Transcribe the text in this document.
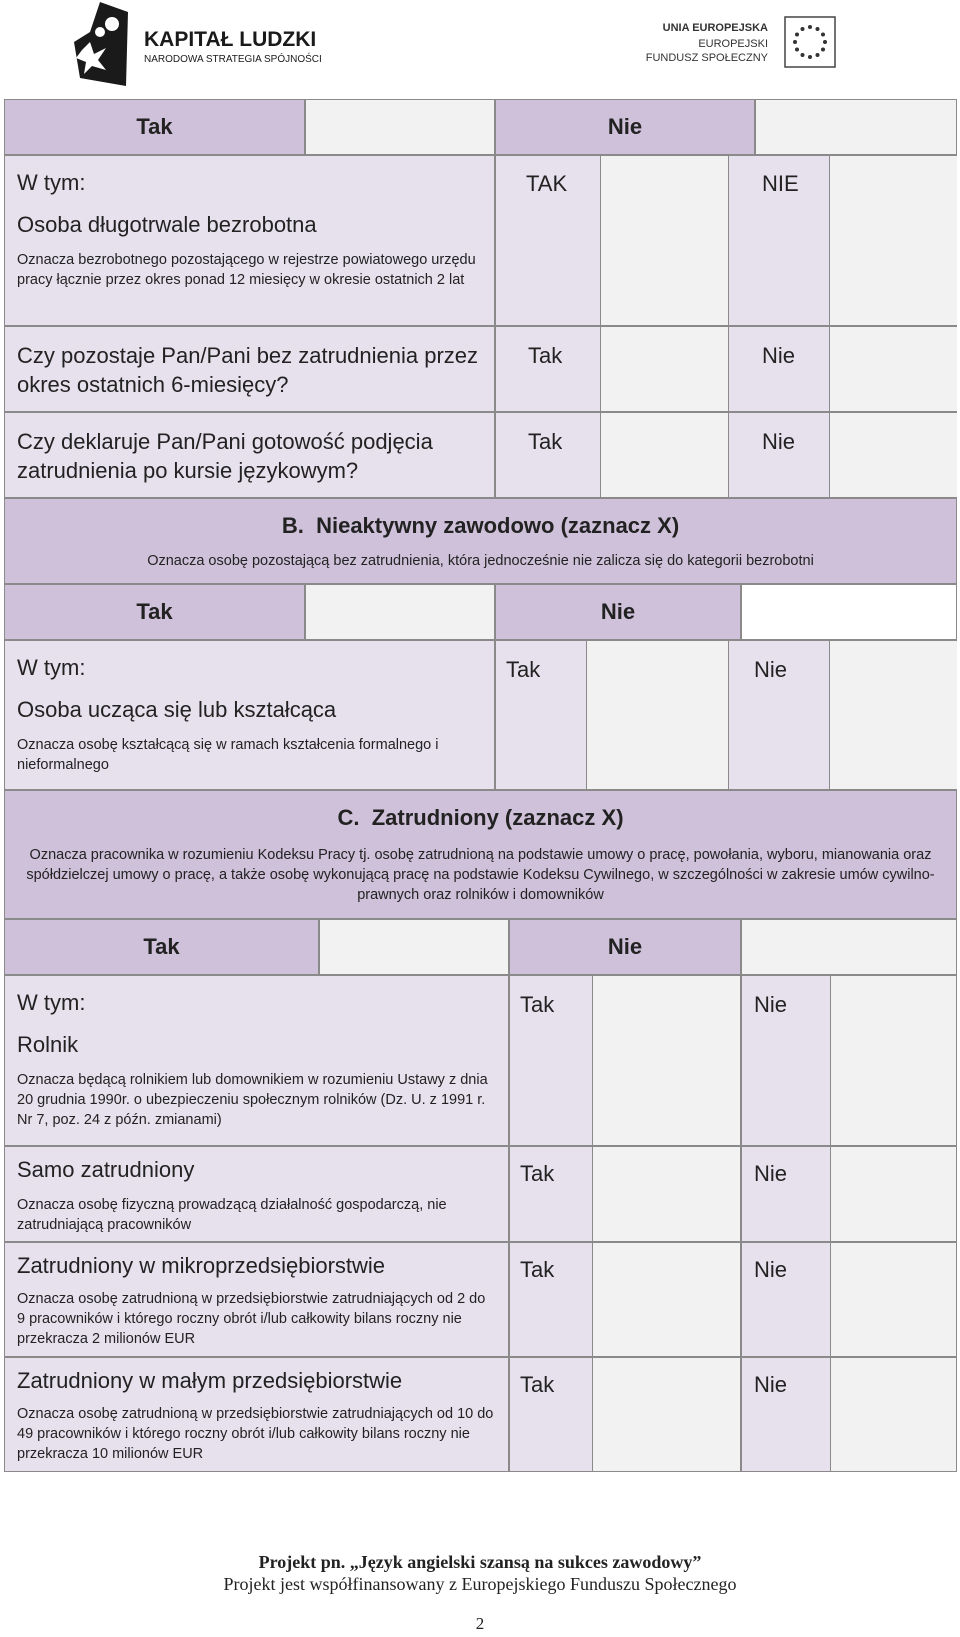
KAPITAŁ LUDZKI
NARODOWA STRATEGIA SPÓJNOŚCI
UNIA EUROPEJSKA
EUROPEJSKI
FUNDUSZ SPOŁECZNY
Tak	Nie
W tym:
Osoba długotrwale bezrobotna
Oznacza bezrobotnego pozostającego w rejestrze powiatowego urzędu pracy łącznie przez okres ponad 12 miesięcy w okresie ostatnich 2 lat
TAK	NIE
Czy pozostaje Pan/Pani bez zatrudnienia przez okres ostatnich 6-miesięcy?
Tak	Nie
Czy deklaruje Pan/Pani gotowość podjęcia zatrudnienia po kursie językowym?
Tak	Nie
B. Nieaktywny zawodowo (zaznacz X)
Oznacza osobę pozostającą bez zatrudnienia, która jednocześnie nie zalicza się do kategorii bezrobotni
Tak	Nie
W tym:
Osoba ucząca się lub kształcąca
Oznacza osobę kształcącą się w ramach kształcenia formalnego i nieformalnego
Tak	Nie
C. Zatrudniony (zaznacz X)
Oznacza pracownika w rozumieniu Kodeksu Pracy tj. osobę zatrudnioną na podstawie umowy o pracę, powołania, wyboru, mianowania oraz spółdzielczej umowy o pracę, a także osobę wykonującą pracę na podstawie Kodeksu Cywilnego, w szczególności w zakresie umów cywilno-prawnych oraz rolników i domowników
Tak	Nie
W tym:
Rolnik
Oznacza będącą rolnikiem lub domownikiem w rozumieniu Ustawy z dnia 20 grudnia 1990r. o ubezpieczeniu społecznym rolników (Dz. U. z 1991 r. Nr 7, poz. 24 z późn. zmianami)
Tak	Nie
Samo zatrudniony
Oznacza osobę fizyczną prowadzącą działalność gospodarczą, nie zatrudniającą pracowników
Tak	Nie
Zatrudniony w mikroprzedsiębiorstwie
Oznacza osobę zatrudnioną w przedsiębiorstwie zatrudniających od 2 do 9 pracowników i którego roczny obrót i/lub całkowity bilans roczny nie przekracza 2 milionów EUR
Tak	Nie
Zatrudniony w małym przedsiębiorstwie
Oznacza osobę zatrudnioną w przedsiębiorstwie zatrudniających od 10 do 49 pracowników i którego roczny obrót i/lub całkowity bilans roczny nie przekracza 10 milionów EUR
Tak	Nie
Projekt pn. „Język angielski szansą na sukces zawodowy”
Projekt jest współfinansowany z Europejskiego Funduszu Społecznego
2
